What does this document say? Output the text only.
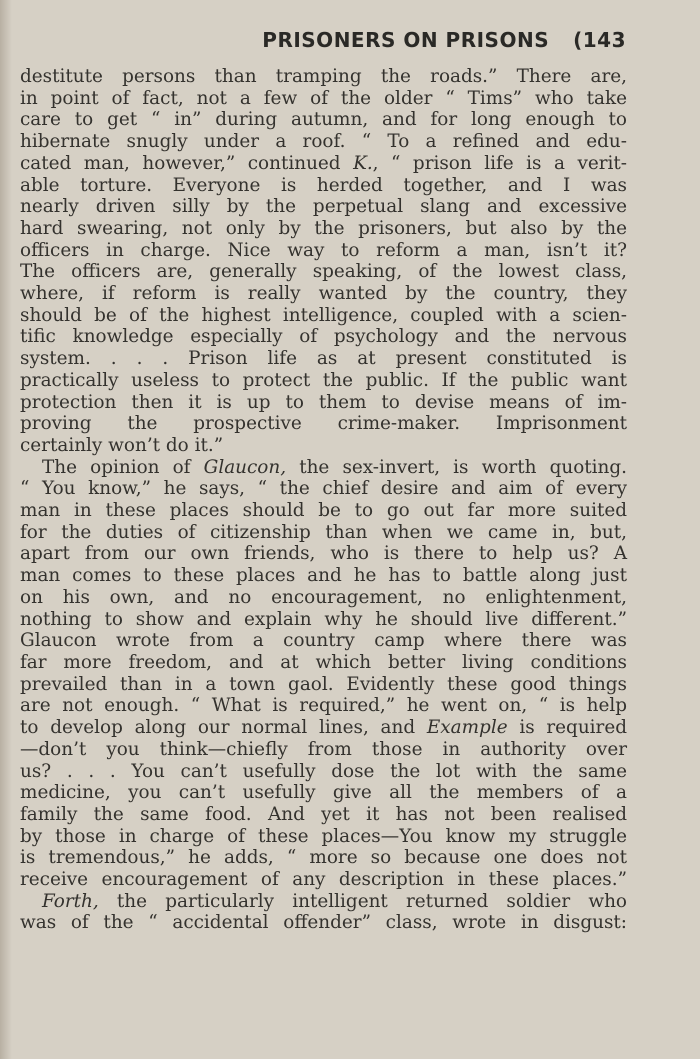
PRISONERS ON PRISONS (143

destitute persons than tramping the roads.” There are,

in point of fact, not a few of the older “ Tims” who take

care to get “ in” during autumn, and for long enough to

hibernate snugly under a roof. “ To a refined and edu-

cated man, however,” continued K., “ prison life is a verit-

able torture. Everyone is herded together, and I was

nearly driven silly by the perpetual slang and excessive

hard swearing, not only by the prisoners, but also by the

officers in charge. Nice way to reform a man, isn’t it?

The officers are, generally speaking, of the lowest class,

where, if reform is really wanted by the country, they

should be of the highest intelligence, coupled with a scien-

tific knowledge especially of psychology and the nervous

system. . . . Prison life as at present constituted is

practically useless to protect the public. If the public want

protection then it is up to them to devise means of im-

proving the prospective crime-maker. Imprisonment

certainly won’t do it.”

The opinion of Glaucon, the sex-invert, is worth quoting.

“ You know,” he says, “ the chief desire and aim of every

man in these places should be to go out far more suited

for the duties of citizenship than when we came in, but,

apart from our own friends, who is there to help us? A

man comes to these places and he has to battle along just

on his own, and no encouragement, no enlightenment,

nothing to show and explain why he should live different.”

Glaucon wrote from a country camp where there was

far more freedom, and at which better living conditions

prevailed than in a town gaol. Evidently these good things

are not enough. “ What is required,” he went on, “ is help

to develop along our normal lines, and Example is required

—don’t you think—chiefly from those in authority over

us? . . . You can’t usefully dose the lot with the same

medicine, you can’t usefully give all the members of a

family the same food. And yet it has not been realised

by those in charge of these places—You know my struggle

is tremendous,” he adds, “ more so because one does not

receive encouragement of any description in these places.”

Forth, the particularly intelligent returned soldier who

was of the “ accidental offender” class, wrote in disgust:
